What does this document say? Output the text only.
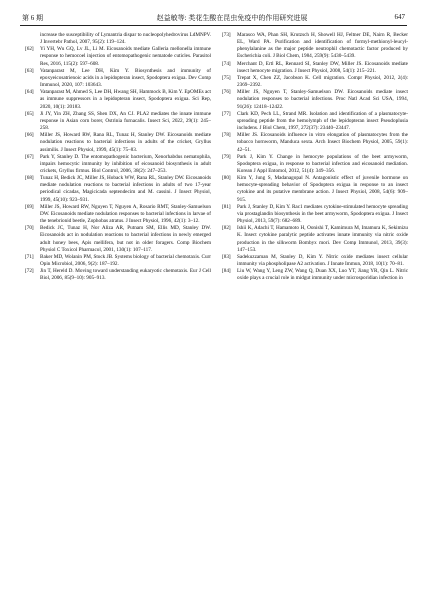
第 6 期	赵益敏等: 类花生酸在昆虫免疫中的作用研究进展	647
increase the susceptibility of Lymantria dispar to nucleopolyhedrovirus LdMNPV. J Invertebr Pathol, 2007, 95(2): 119–124.
[62]	Yi YH, Wu GQ, Lv JL, Li M. Eicosanoids mediate Galleria mellonella immune response to hemocoel injection of entomopathogenic nematode cuticles. Parasitol Res, 2016, 115(2): 597–608.
[63]	Vatanparast M, Lee DH, Kim Y. Biosynthesis and immunity of epoxyeicosatrienoic acids in a lepidopteran insect, Spodoptera exigua. Dev Comp Immunol, 2020, 107: 103643.
[64]	Vatanparast M, Ahmed S, Lee DH, Hwang SH, Hammock B, Kim Y. EpOMEs act as immune suppressors in a lepidopteran insect, Spodoptera exigua. Sci Rep, 2020, 10(1): 20183.
[65]	Ji JY, Yin ZH, Zhang SS, Shen DX, An CJ. PLA2 mediates the innate immune response in Asian corn borer, Ostrinia furnacalis. Insect Sci, 2022, 29(1): 245–258.
[66]	Miller JS, Howard RW, Rana RL, Tunaz H, Stanley DW. Eicosanoids mediate nodulation reactions to bacterial infections in adults of the cricket, Gryllus assimilis. J Insect Physiol, 1999, 45(1): 75–83.
[67]	Park Y, Stanley D. The entomopathogenic bacterium, Xenorhabdus nematophila, impairs hemocytic immunity by inhibition of eicosanoid biosynthesis in adult crickets, Gryllus firmus. Biol Control, 2006, 38(2): 247–253.
[68]	Tunaz H, Bedick JC, Miller JS, Hoback WW, Rana RL, Stanley DW. Eicosanoids mediate nodulation reactions to bacterial infections in adults of two 17-year periodical cicadas, Magicicada septendecim and M. cassini. J Insect Physiol, 1999, 45(10): 923–931.
[69]	Miller JS, Howard RW, Nguyen T, Nguyen A, Rosario RMT, Stanley-Samuelson DW. Eicosanoids mediate nodulation responses to bacterial infections in larvae of the tenebrionid beetle, Zophobas atratus. J Insect Physiol, 1996, 42(1): 3–12.
[70]	Bedick JC, Tunaz H, Nor Aliza AR, Putnam SM, Ellis MD, Stanley DW. Eicosanoids act in nodulation reactions to bacterial infections in newly emerged adult honey bees, Apis mellifera, but not in older foragers. Comp Biochem Physiol C Toxicol Pharmacol, 2001, 130(1): 107–117.
[71]	Baker MD, Wolanin PM, Stock JB. Systems biology of bacterial chemotaxis. Curr Opin Microbiol, 2006, 9(2): 187–192.
[72]	Jin T, Hereld D. Moving toward understanding eukaryotic chemotaxis. Eur J Cell Biol, 2006, 85(9–10): 905–913.
[73]	Marasco WA, Phan SH, Krutzsch H, Showell HJ, Feltner DE, Nairn R, Becker EL, Ward PA. Purification and identification of formyl-methionyl-leucyl-phenylalanine as the major peptide neutrophil chemotactic factor produced by Escherichia coli. J Biol Chem, 1984, 259(9): 5430–5439.
[74]	Merchant D, Ertl RL, Rennard SI, Stanley DW, Miller JS. Eicosanoids mediate insect hemocyte migration. J Insect Physiol, 2008, 54(1): 215–221.
[75]	Trepat X, Chen ZZ, Jacobson K. Cell migration. Compr Physiol, 2012, 2(4): 2369–2392.
[76]	Miller JS, Nguyen T, Stanley-Samuelson DW. Eicosanoids mediate insect nodulation responses to bacterial infections. Proc Natl Acad Sci USA, 1994, 91(26): 12418–12422.
[77]	Clark KD, Pech LL, Strand MR. Isolation and identification of a plasmatocyte-spreading peptide from the hemolymph of the lepidopteran insect Pseudoplusia includens. J Biol Chem, 1997, 272(37): 23440–23447.
[78]	Miller JS. Eicosanoids influence in vitro elongation of plasmatocytes from the tobacco hornworm, Manduca sexta. Arch Insect Biochem Physiol, 2005, 59(1): 42–51.
[79]	Park J, Kim Y. Change in hemocyte populations of the beet armyworm, Spodoptera exigua, in response to bacterial infection and eicosanoid mediation. Korean J Appl Entomol, 2012, 51(4): 349–356.
[80]	Kim Y, Jung S, Madanagopal N. Antagonistic effect of juvenile hormone on hemocyte-spreading behavior of Spodoptera exigua in response to an insect cytokine and its putative membrane action. J Insect Physiol, 2008, 54(6): 909–915.
[81]	Park J, Stanley D, Kim Y. Rac1 mediates cytokine-stimulated hemocyte spreading via prostaglandin biosynthesis in the beet armyworm, Spodoptera exigua. J Insect Physiol, 2013, 59(7): 682–689.
[82]	Ishii K, Adachi T, Hamamoto H, Oonishi T, Kamimura M, Imamura K, Sekimizu K. Insect cytokine paralytic peptide activates innate immunity via nitric oxide production in the silkworm Bombyx mori. Dev Comp Immunol, 2013, 39(3): 147–153.
[83]	Sadekuzzaman M, Stanley D, Kim Y. Nitric oxide mediates insect cellular immunity via phospholipase A2 activation. J Innate Immun, 2018, 10(1): 70–81.
[84]	Liu W, Wang Y, Leng ZW, Wang Q, Duan XX, Luo YT, Jiang YR, Qin L. Nitric oxide plays a crucial role in midgut immunity under microsporidian infection in
